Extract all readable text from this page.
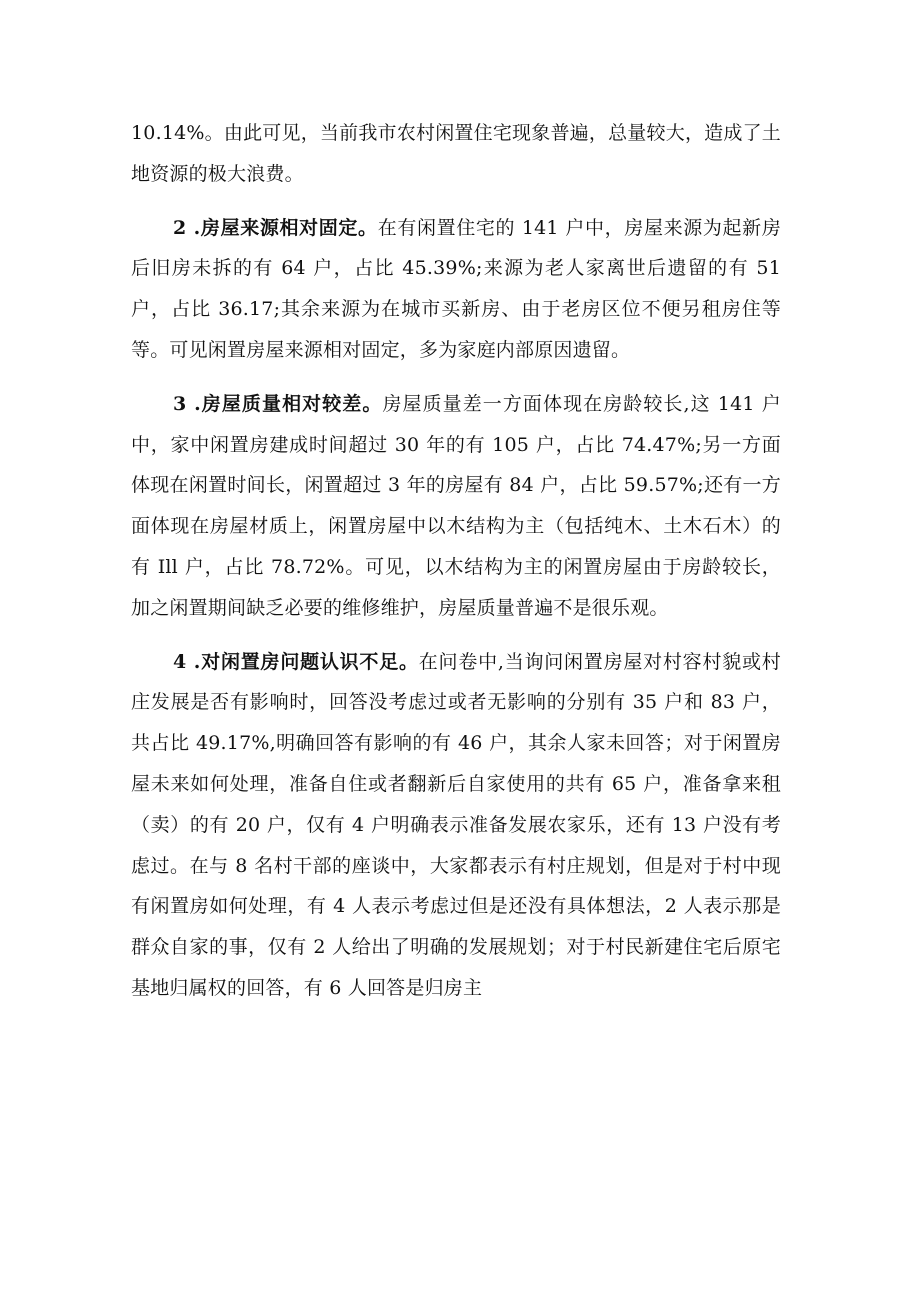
10.14%。由此可见，当前我市农村闲置住宅现象普遍，总量较大，造成了土地资源的极大浪费。

2 .房屋来源相对固定。在有闲置住宅的 141 户中，房屋来源为起新房后旧房未拆的有 64 户，占比 45.39%;来源为老人家离世后遗留的有 51 户，占比 36.17;其余来源为在城市买新房、由于老房区位不便另租房住等等。可见闲置房屋来源相对固定，多为家庭内部原因遗留。

3 .房屋质量相对较差。房屋质量差一方面体现在房龄较长,这 141 户中，家中闲置房建成时间超过 30 年的有 105 户，占比 74.47%;另一方面体现在闲置时间长，闲置超过 3 年的房屋有 84 户，占比 59.57%;还有一方面体现在房屋材质上，闲置房屋中以木结构为主（包括纯木、土木石木）的有 Ill 户，占比 78.72%。可见，以木结构为主的闲置房屋由于房龄较长，加之闲置期间缺乏必要的维修维护，房屋质量普遍不是很乐观。

4 .对闲置房问题认识不足。在问卷中,当询问闲置房屋对村容村貌或村庄发展是否有影响时，回答没考虑过或者无影响的分别有 35 户和 83 户，共占比 49.17%,明确回答有影响的有 46 户，其余人家未回答；对于闲置房屋未来如何处理，准备自住或者翻新后自家使用的共有 65 户，准备拿来租（卖）的有 20 户，仅有 4 户明确表示准备发展农家乐，还有 13 户没有考虑过。在与 8 名村干部的座谈中，大家都表示有村庄规划，但是对于村中现有闲置房如何处理，有 4 人表示考虑过但是还没有具体想法，2 人表示那是群众自家的事，仅有 2 人给出了明确的发展规划；对于村民新建住宅后原宅基地归属权的回答，有 6 人回答是归房主
